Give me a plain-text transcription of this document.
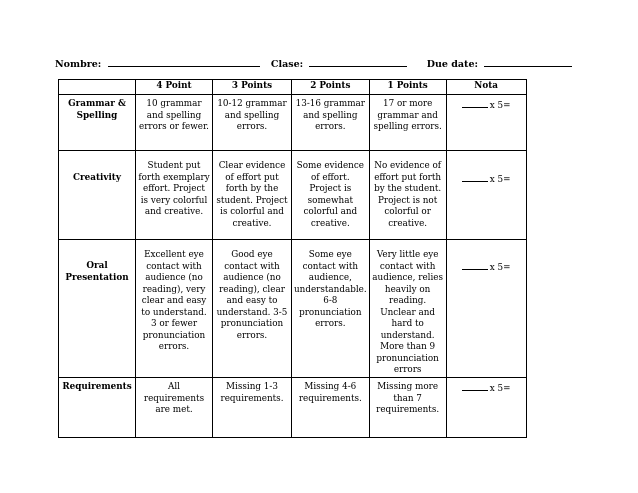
Nombre:	Clase:	Due date:
	4 Point	3 Points	2 Points	1 Points	Nota
Grammar & Spelling	10 grammar and spelling errors or fewer.	10-12 grammar and spelling errors.	13-16 grammar and spelling errors.	17 or more grammar and spelling errors.	x 5=
Creativity	Student put forth exemplary effort. Project is very colorful and creative.	Clear evidence of effort put forth by the student. Project is colorful and creative.	Some evidence of effort. Project is somewhat colorful and creative.	No evidence of effort put forth by the student. Project is not colorful or creative.	x 5=
Oral Presentation	Excellent eye contact with audience (no reading), very clear and easy to understand. 3 or fewer pronunciation errors.	Good eye contact with audience (no reading), clear and easy to understand. 3-5 pronunciation errors.	Some eye contact with audience, understandable. 6-8 pronunciation errors.	Very little eye contact with audience, relies heavily on reading. Unclear and hard to understand. More than 9 pronunciation errors	x 5=
Requirements	All requirements are met.	Missing 1-3 requirements.	Missing 4-6 requirements.	Missing more than 7 requirements.	x 5=
